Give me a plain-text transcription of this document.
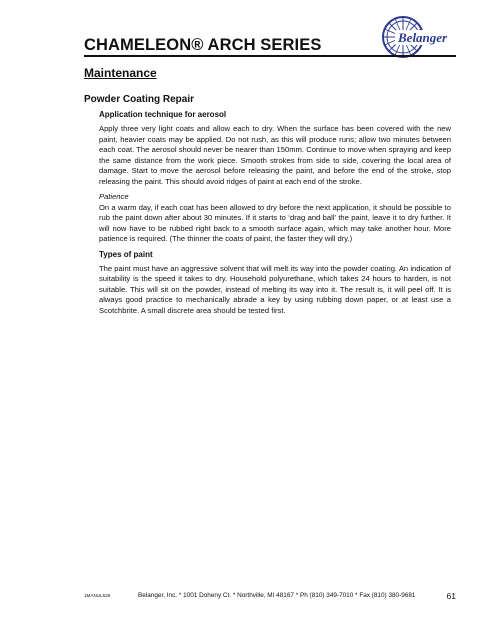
Belanger
CHAMELEON® ARCH SERIES
Maintenance
Powder Coating Repair
Application technique for aerosol

Apply three very light coats and allow each to dry. When the surface has been covered with the new paint, heavier coats may be applied. Do not rush, as this will produce runs; allow two minutes between each coat. The aerosol should never be nearer than 150mm. Continue to move when spraying and keep the same distance from the work piece. Smooth strokes from side to side, covering the local area of damage. Start to move the aerosol before releasing the paint, and before the end of the stroke, stop releasing the paint. This should avoid ridges of paint at each end of the stroke.

Patience

On a warm day, if each coat has been allowed to dry before the next application, it should be possible to rub the paint down after about 30 minutes. If it starts to ‘drag and ball’ the paint, leave it to dry further. It will now have to be rubbed right back to a smooth surface again, which may take another hour. More patience is required. (The thinner the coats of paint, the faster they will dry.)

Types of paint

The paint must have an aggressive solvent that will melt its way into the powder coating. An indication of suitability is the speed it takes to dry. Household polyurethane, which takes 24 hours to harden, is not suitable. This will sit on the powder, instead of melting its way into it. The result is, it will peel off. It is always good practice to mechanically abrade a key by using rubbing down paper, or at least use a Scotchbrite. A small discrete area should be tested first.

1MANUL526	Belanger, Inc. * 1001 Doheny Ct. * Northville, MI 48167 * Ph (810) 349-7010 * Fax (810) 380-9681	61
